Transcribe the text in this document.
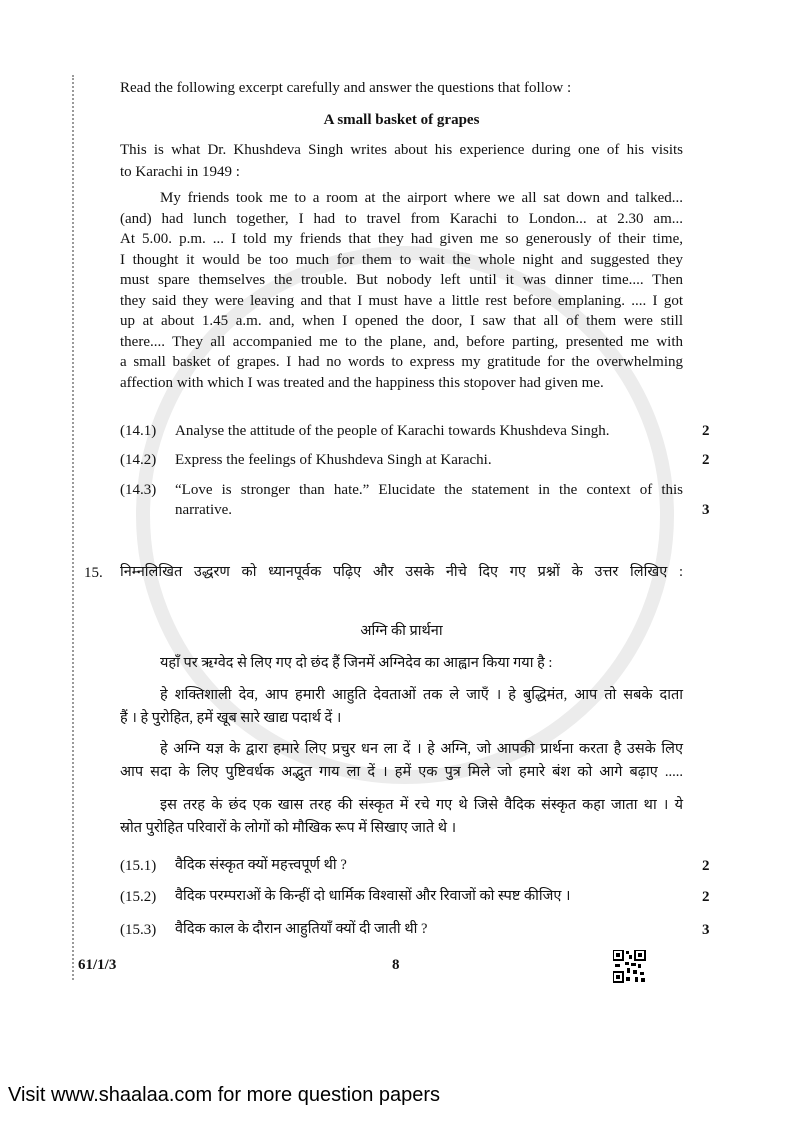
Read the following excerpt carefully and answer the questions that follow :
A small basket of grapes
This is what Dr. Khushdeva Singh writes about his experience during one of his visits
to Karachi in 1949 :
My friends took me to a room at the airport where we all sat down and talked...
(and) had lunch together, I had to travel from Karachi to London... at 2.30 am...
At 5.00. p.m. ... I told my friends that they had given me so generously of their time,
I thought it would be too much for them to wait the whole night and suggested they
must spare themselves the trouble. But nobody left until it was dinner time.... Then
they said they were leaving and that I must have a little rest before emplaning. .... I got
up at about 1.45 a.m. and, when I opened the door, I saw that all of them were still
there.... They all accompanied me to the plane, and, before parting, presented me with
a small basket of grapes. I had no words to express my gratitude for the overwhelming
affection with which I was treated and the happiness this stopover had given me.
(14.1) Analyse the attitude of the people of Karachi towards Khushdeva Singh.	2
(14.2) Express the feelings of Khushdeva Singh at Karachi.	2
(14.3) “Love is stronger than hate.” Elucidate the statement in the context of this
narrative.	3
15. निम्नलिखित उद्धरण को ध्यानपूर्वक पढ़िए और उसके नीचे दिए गए प्रश्नों के उत्तर लिखिए :
अग्नि की प्रार्थना
यहाँ पर ऋग्वेद से लिए गए दो छंद हैं जिनमें अग्निदेव का आह्वान किया गया है :
हे शक्तिशाली देव, आप हमारी आहुति देवताओं तक ले जाएँ । हे बुद्धिमंत, आप तो सबके दाता
हैं । हे पुरोहित, हमें खूब सारे खाद्य पदार्थ दें ।
हे अग्नि यज्ञ के द्वारा हमारे लिए प्रचुर धन ला दें । हे अग्नि, जो आपकी प्रार्थना करता है उसके लिए
आप सदा के लिए पुष्टिवर्धक अद्भुत गाय ला दें । हमें एक पुत्र मिले जो हमारे बंश को आगे बढ़ाए .....
इस तरह के छंद एक खास तरह की संस्कृत में रचे गए थे जिसे वैदिक संस्कृत कहा जाता था । ये
स्रोत पुरोहित परिवारों के लोगों को मौखिक रूप में सिखाए जाते थे ।
(15.1) वैदिक संस्कृत क्यों महत्त्वपूर्ण थी ?	2
(15.2) वैदिक परम्पराओं के किन्हीं दो धार्मिक विश्वासों और रिवाजों को स्पष्ट कीजिए ।	2
(15.3) वैदिक काल के दौरान आहुतियाँ क्यों दी जाती थी ?	3
61/1/3	8
Visit www.shaalaa.com for more question papers
